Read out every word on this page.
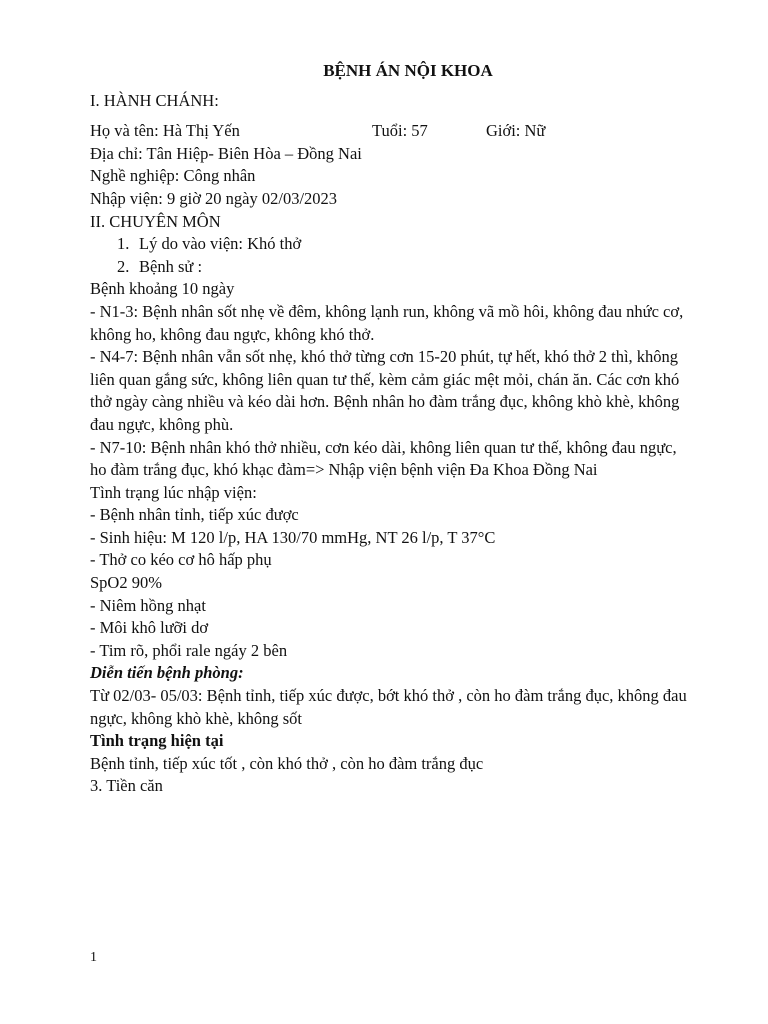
BỆNH ÁN NỘI KHOA
I. HÀNH CHÁNH:
Họ và tên: Hà Thị Yến	Tuổi: 57	Giới: Nữ
Địa chỉ: Tân Hiệp- Biên Hòa – Đồng Nai
Nghề nghiệp: Công nhân
Nhập viện: 9 giờ 20 ngày 02/03/2023
II. CHUYÊN MÔN
1. Lý do vào viện: Khó thở
2. Bệnh sử :
Bệnh khoảng 10 ngày
- N1-3: Bệnh nhân sốt nhẹ về đêm, không lạnh run, không vã mồ hôi, không đau nhức cơ, không ho, không đau ngực, không khó thở.
- N4-7: Bệnh nhân vẫn sốt nhẹ, khó thở từng cơn 15-20 phút, tự hết, khó thở 2 thì, không liên quan gắng sức, không liên quan tư thế, kèm cảm giác mệt mỏi, chán ăn. Các cơn khó thở ngày càng nhiều và kéo dài hơn. Bệnh nhân ho đàm trắng đục, không khò khè, không đau ngực, không phù.
- N7-10: Bệnh nhân khó thở nhiều, cơn kéo dài, không liên quan tư thế, không đau ngực, ho đàm trắng đục, khó khạc đàm=> Nhập viện bệnh viện Đa Khoa Đồng Nai
Tình trạng lúc nhập viện:
- Bệnh nhân tỉnh, tiếp xúc được
- Sinh hiệu: M 120 l/p, HA 130/70 mmHg, NT 26 l/p, T 37°C
- Thở co kéo cơ hô hấp phụ
SpO2 90%
- Niêm hồng nhạt
- Môi khô lưỡi dơ
- Tim rõ, phổi rale ngáy 2 bên
Diễn tiến bệnh phòng:
Từ 02/03- 05/03: Bệnh tỉnh, tiếp xúc được, bớt khó thở , còn ho đàm trắng đục, không đau ngực, không khò khè, không sốt
Tình trạng hiện tại
Bệnh tỉnh, tiếp xúc tốt , còn khó thở , còn ho đàm trắng đục
3. Tiền căn
1
